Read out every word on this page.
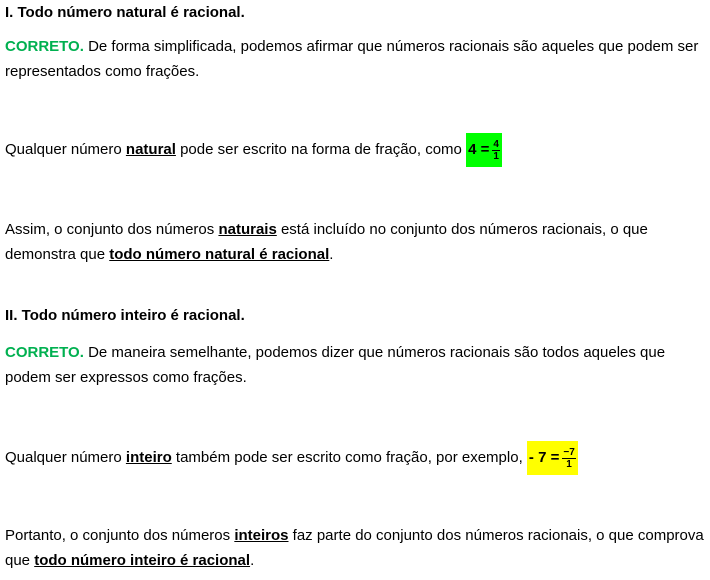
I. Todo número natural é racional.
CORRETO. De forma simplificada, podemos afirmar que números racionais são aqueles que podem ser representados como frações.
Qualquer número natural pode ser escrito na forma de fração, como $4 = \frac{4}{1}$
Assim, o conjunto dos números naturais está incluído no conjunto dos números racionais, o que demonstra que todo número natural é racional.
II. Todo número inteiro é racional.
CORRETO. De maneira semelhante, podemos dizer que números racionais são todos aqueles que podem ser expressos como frações.
Qualquer número inteiro também pode ser escrito como fração, por exemplo, - $7 = \frac{-7}{1}$
Portanto, o conjunto dos números inteiros faz parte do conjunto dos números racionais, o que comprova que todo número inteiro é racional.
